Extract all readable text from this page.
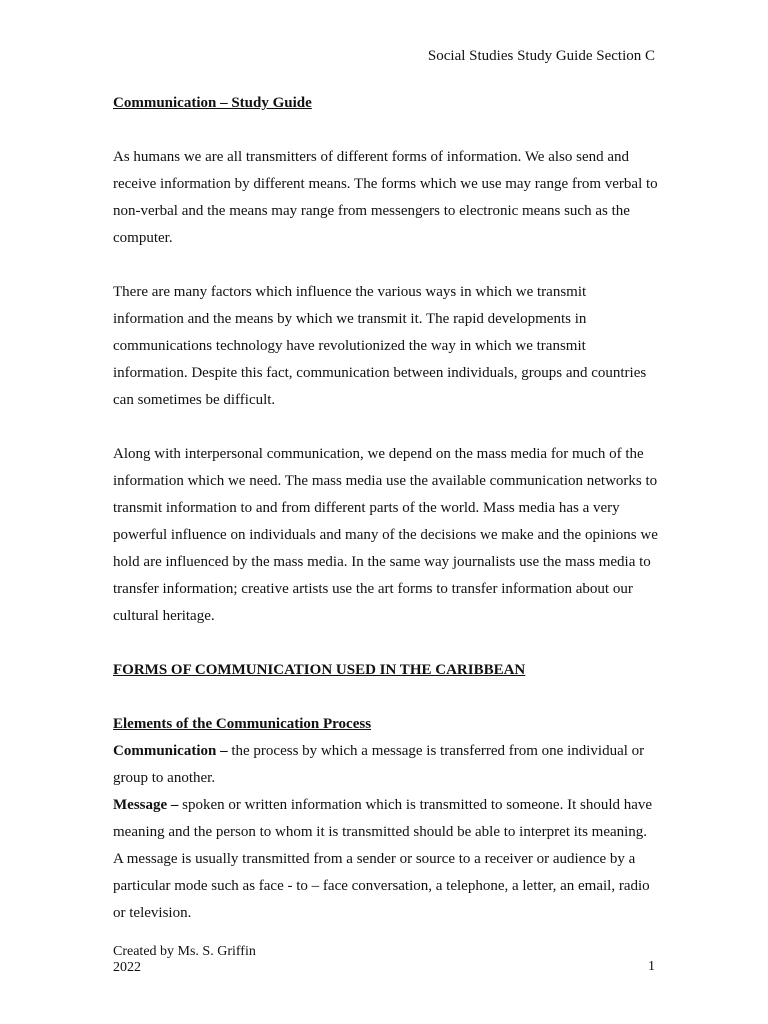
Social Studies Study Guide Section C
Communication – Study Guide

As humans we are all transmitters of different forms of information. We also send and receive information by different means. The forms which we use may range from verbal to non-verbal and the means may range from messengers to electronic means such as the computer.

There are many factors which influence the various ways in which we transmit information and the means by which we transmit it. The rapid developments in communications technology have revolutionized the way in which we transmit information. Despite this fact, communication between individuals, groups and countries can sometimes be difficult.

Along with interpersonal communication, we depend on the mass media for much of the information which we need. The mass media use the available communication networks to transmit information to and from different parts of the world. Mass media has a very powerful influence on individuals and many of the decisions we make and the opinions we hold are influenced by the mass media. In the same way journalists use the mass media to transfer information; creative artists use the art forms to transfer information about our cultural heritage.

FORMS OF COMMUNICATION USED IN THE CARIBBEAN
Elements of the Communication Process

Communication – the process by which a message is transferred from one individual or group to another.

Message – spoken or written information which is transmitted to someone. It should have meaning and the person to whom it is transmitted should be able to interpret its meaning. A message is usually transmitted from a sender or source to a receiver or audience by a particular mode such as face - to – face conversation, a telephone, a letter, an email, radio or television.

Created by Ms. S. Griffin
2022	1
